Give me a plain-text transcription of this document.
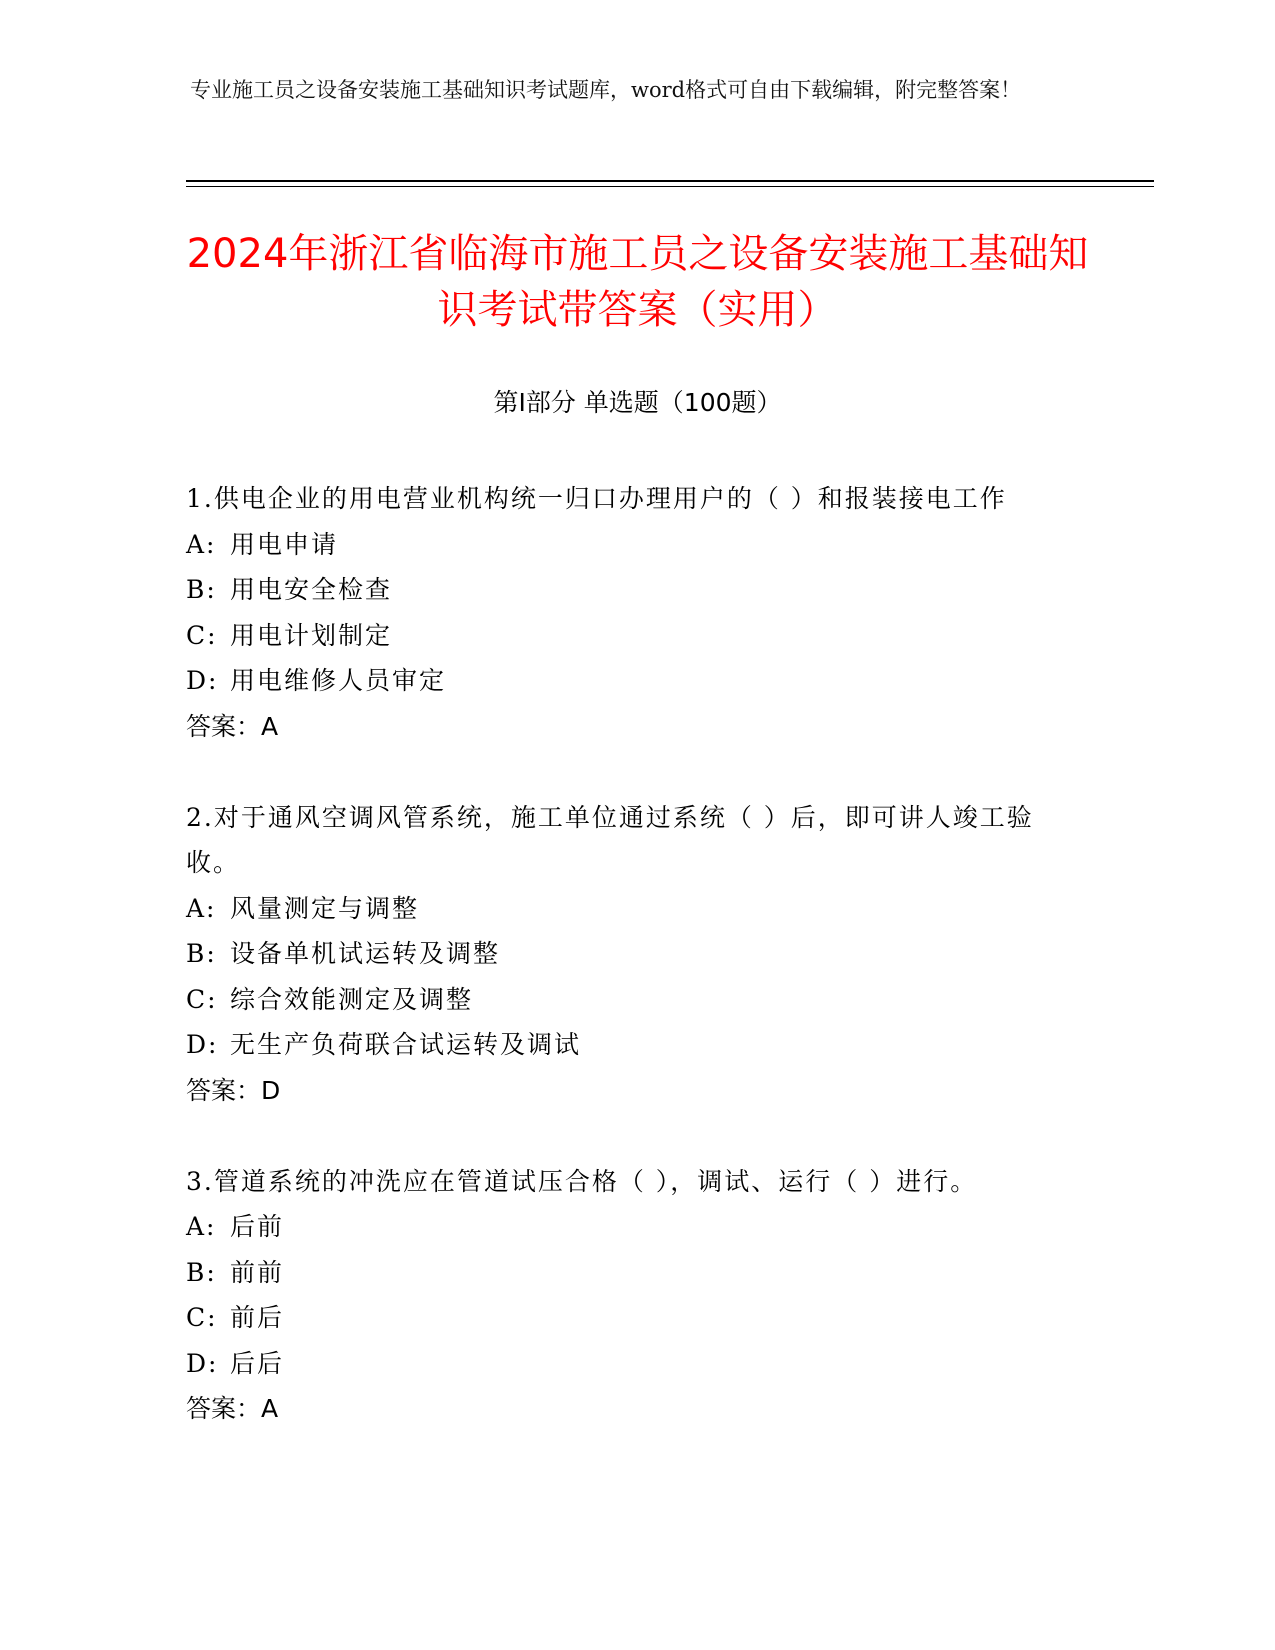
专业施工员之设备安装施工基础知识考试题库，word格式可自由下载编辑，附完整答案！
2024年浙江省临海市施工员之设备安装施工基础知识考试带答案（实用）
第I部分 单选题（100题）
1.供电企业的用电营业机构统一归口办理用户的（ ）和报装接电工作
A: 用电申请
B: 用电安全检查
C: 用电计划制定
D: 用电维修人员审定
答案：A
2.对于通风空调风管系统，施工单位通过系统（ ）后，即可讲人竣工验收。
A: 风量测定与调整
B: 设备单机试运转及调整
C: 综合效能测定及调整
D: 无生产负荷联合试运转及调试
答案：D
3.管道系统的冲洗应在管道试压合格（ ），调试、运行（ ）进行。
A: 后前
B: 前前
C: 前后
D: 后后
答案：A
